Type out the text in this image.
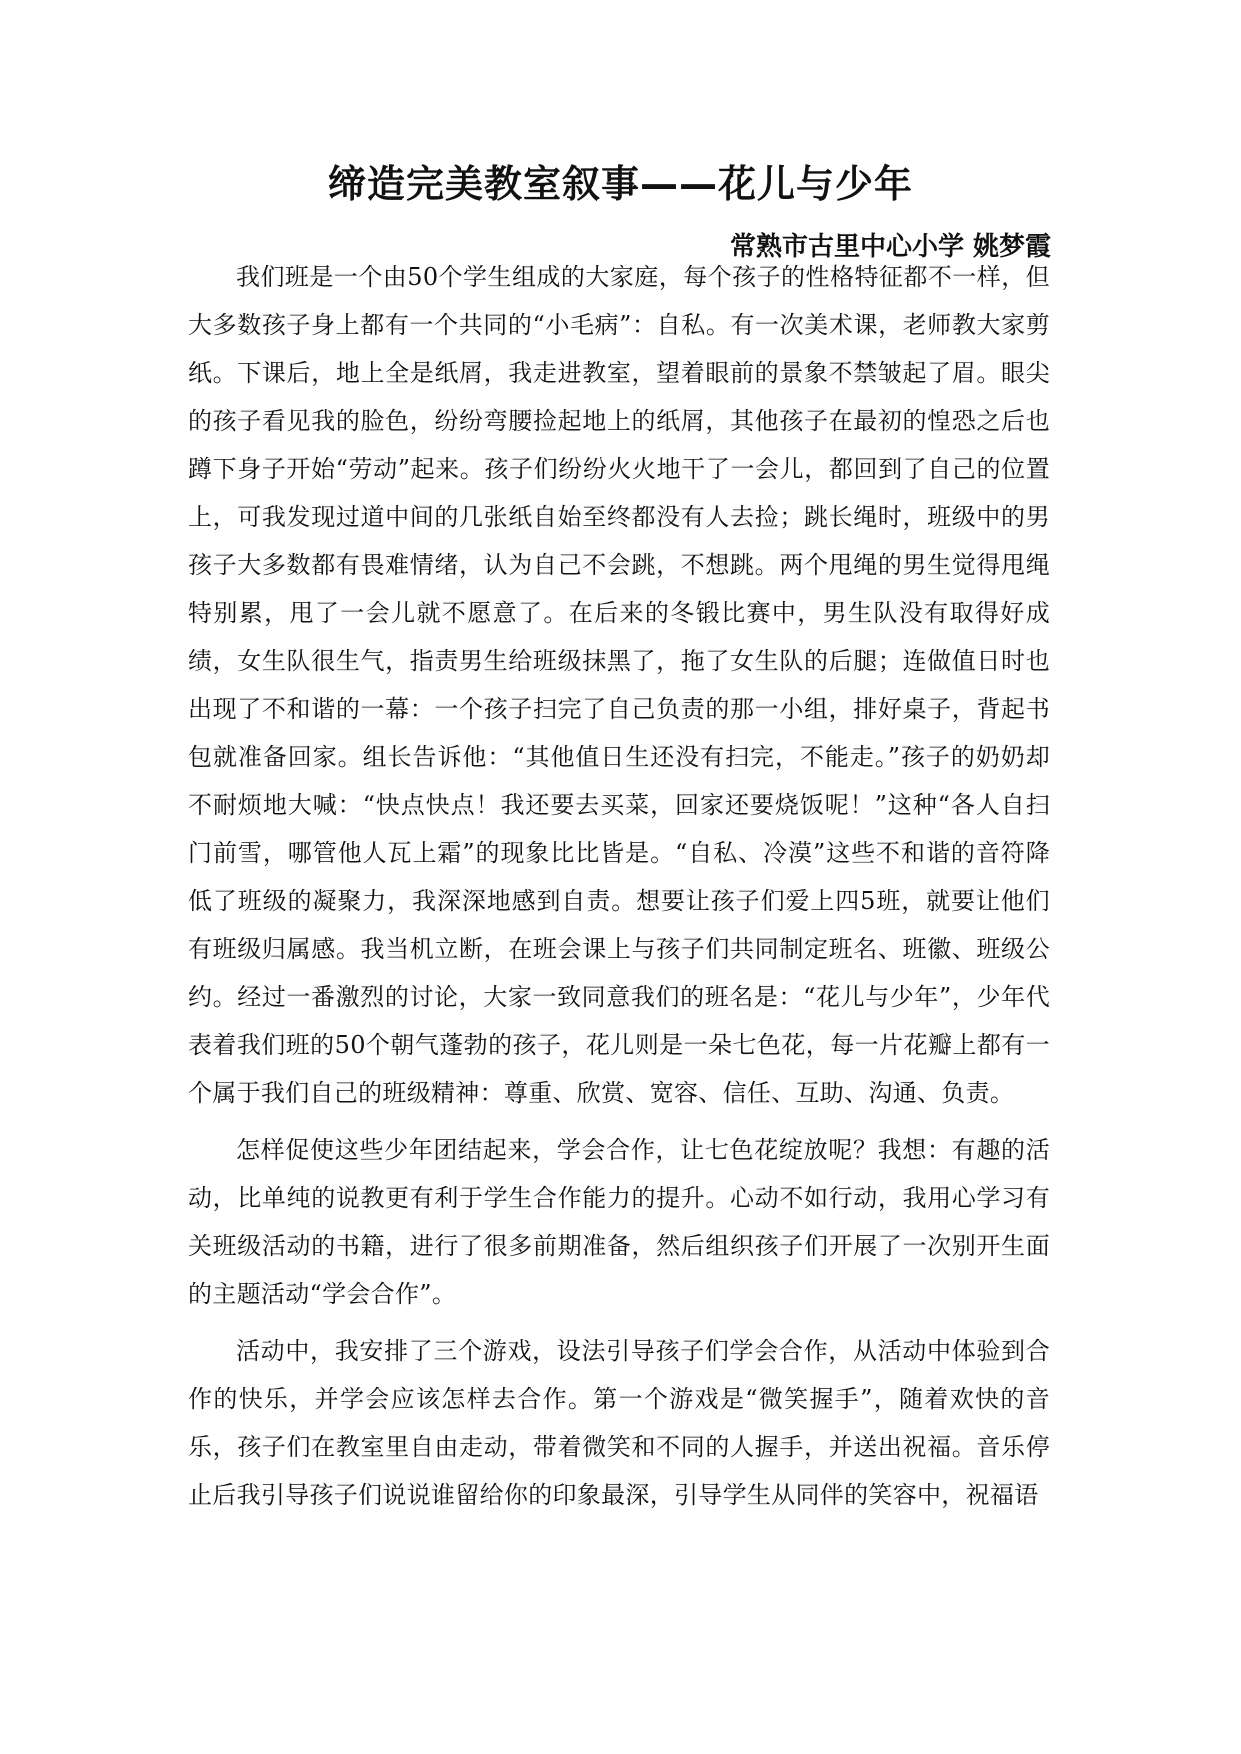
缔造完美教室叙事——花儿与少年
常熟市古里中心小学 姚梦霞

我们班是一个由50个学生组成的大家庭，每个孩子的性格特征都不一样，但大多数孩子身上都有一个共同的“小毛病”：自私。有一次美术课，老师教大家剪纸。下课后，地上全是纸屑，我走进教室，望着眼前的景象不禁皱起了眉。眼尖的孩子看见我的脸色，纷纷弯腰捡起地上的纸屑，其他孩子在最初的惶恐之后也蹲下身子开始“劳动”起来。孩子们纷纷火火地干了一会儿，都回到了自己的位置上，可我发现过道中间的几张纸自始至终都没有人去捡；跳长绳时，班级中的男孩子大多数都有畏难情绪，认为自己不会跳，不想跳。两个甩绳的男生觉得甩绳特别累，甩了一会儿就不愿意了。在后来的冬锻比赛中，男生队没有取得好成绩，女生队很生气，指责男生给班级抹黑了，拖了女生队的后腿；连做值日时也出现了不和谐的一幕：一个孩子扫完了自己负责的那一小组，排好桌子，背起书包就准备回家。组长告诉他：“其他值日生还没有扫完，不能走。”孩子的奶奶却不耐烦地大喊：“快点快点！我还要去买菜，回家还要烧饭呢！”这种“各人自扫门前雪，哪管他人瓦上霜”的现象比比皆是。“自私、冷漠”这些不和谐的音符降低了班级的凝聚力，我深深地感到自责。想要让孩子们爱上四5班，就要让他们有班级归属感。我当机立断，在班会课上与孩子们共同制定班名、班徽、班级公约。经过一番激烈的讨论，大家一致同意我们的班名是：“花儿与少年”，少年代表着我们班的50个朝气蓬勃的孩子，花儿则是一朵七色花，每一片花瓣上都有一个属于我们自己的班级精神：尊重、欣赏、宽容、信任、互助、沟通、负责。

怎样促使这些少年团结起来，学会合作，让七色花绽放呢？我想：有趣的活动，比单纯的说教更有利于学生合作能力的提升。心动不如行动，我用心学习有关班级活动的书籍，进行了很多前期准备，然后组织孩子们开展了一次别开生面的主题活动“学会合作”。

活动中，我安排了三个游戏，设法引导孩子们学会合作，从活动中体验到合作的快乐，并学会应该怎样去合作。第一个游戏是“微笑握手”，随着欢快的音乐，孩子们在教室里自由走动，带着微笑和不同的人握手，并送出祝福。音乐停止后我引导孩子们说说谁留给你的印象最深，引导学生从同伴的笑容中，祝福语
